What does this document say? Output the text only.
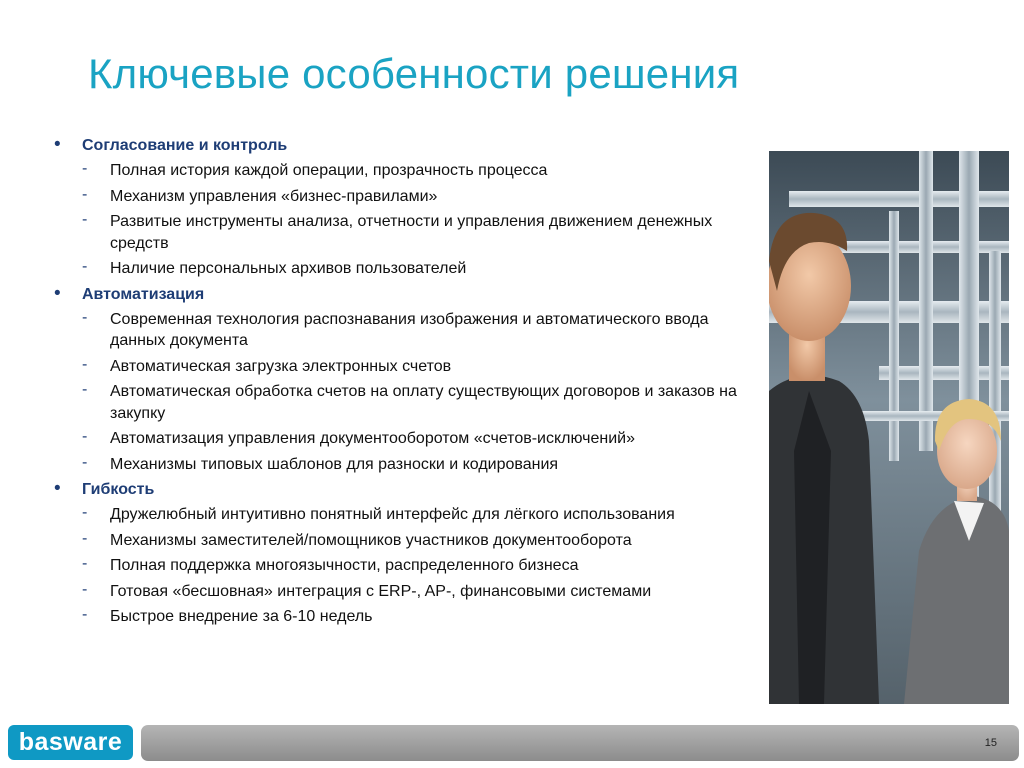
Ключевые особенности решения
• Согласование и контроль
- Полная история каждой операции, прозрачность процесса
- Механизм управления «бизнес-правилами»
- Развитые инструменты анализа, отчетности и управления движением денежных средств
- Наличие персональных архивов пользователей
• Автоматизация
- Современная технология распознавания изображения и автоматического ввода данных документа
- Автоматическая загрузка электронных счетов
- Автоматическая обработка счетов на оплату существующих договоров и заказов на закупку
- Автоматизация управления документооборотом «счетов-исключений»
- Механизмы типовых шаблонов для разноски и кодирования
• Гибкость
- Дружелюбный интуитивно понятный интерфейс для лёгкого использования
- Механизмы заместителей/помощников участников документооборота
- Полная поддержка многоязычности, распределенного бизнеса
- Готовая «бесшовная» интеграция с ERP-, AP-, финансовыми системами
- Быстрое внедрение за 6-10 недель
basware	15
